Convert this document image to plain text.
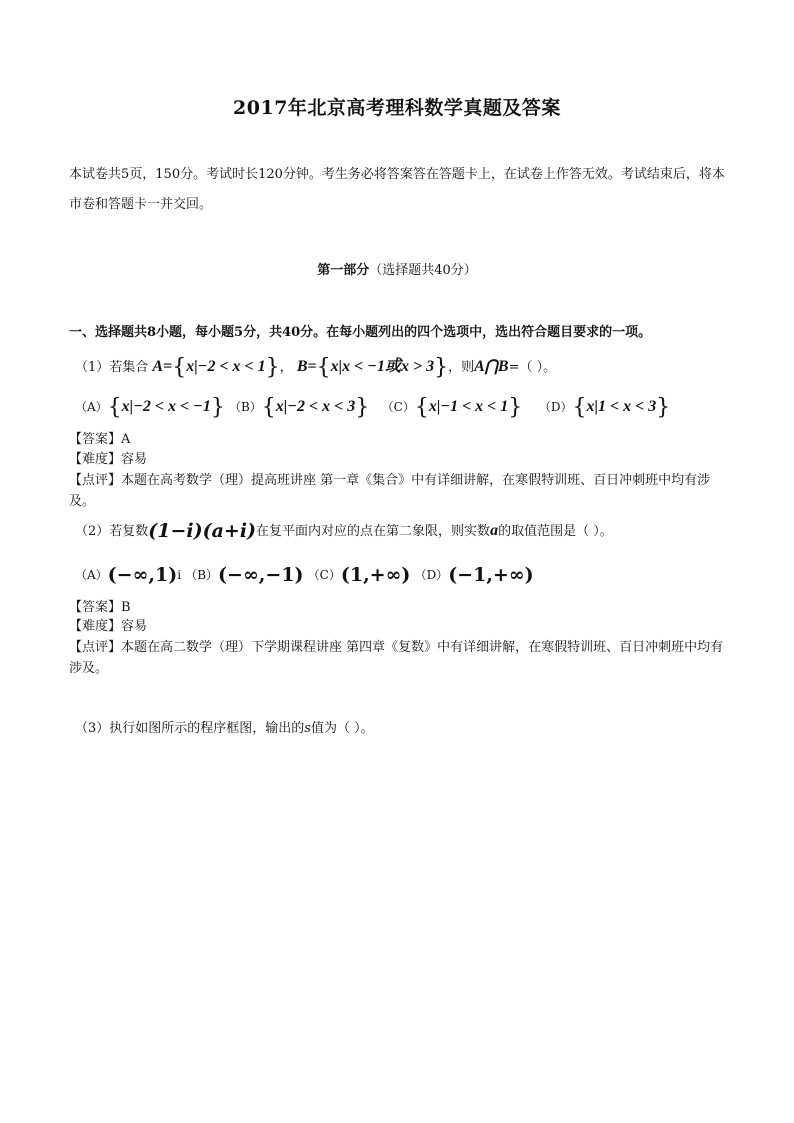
2017年北京高考理科数学真题及答案
本试卷共5页，150分。考试时长120分钟。考生务必将答案答在答题卡上，在试卷上作答无效。考试结束后，将本市卷和答题卡一并交回。
第一部分（选择题共40分）
一、选择题共8小题，每小题5分，共40分。在每小题列出的四个选项中，选出符合题目要求的一项。
（1）若集合 A={x|−2 < x < 1}， B={x|x < −1或x > 3}，则A⋂B=（ ）。
（A）{x|−2 < x < −1} （B）{x|−2 < x < 3} （C）{x|−1 < x < 1} （D）{x|1 < x < 3}
【答案】A
【难度】容易
【点评】本题在高考数学（理）提高班讲座 第一章《集合》中有详细讲解，在寒假特训班、百日冲刺班中均有涉及。
（2）若复数(1−i)(a+i)在复平面内对应的点在第二象限，则实数a的取值范围是（ ）。
（A）(−∞,1)i （B）(−∞,−1) （C）(1,+∞) （D）(−1,+∞)
【答案】B
【难度】容易
【点评】本题在高二数学（理）下学期课程讲座 第四章《复数》中有详细讲解，在寒假特训班、百日冲刺班中均有涉及。
（3）执行如图所示的程序框图，输出的s值为（ ）。
